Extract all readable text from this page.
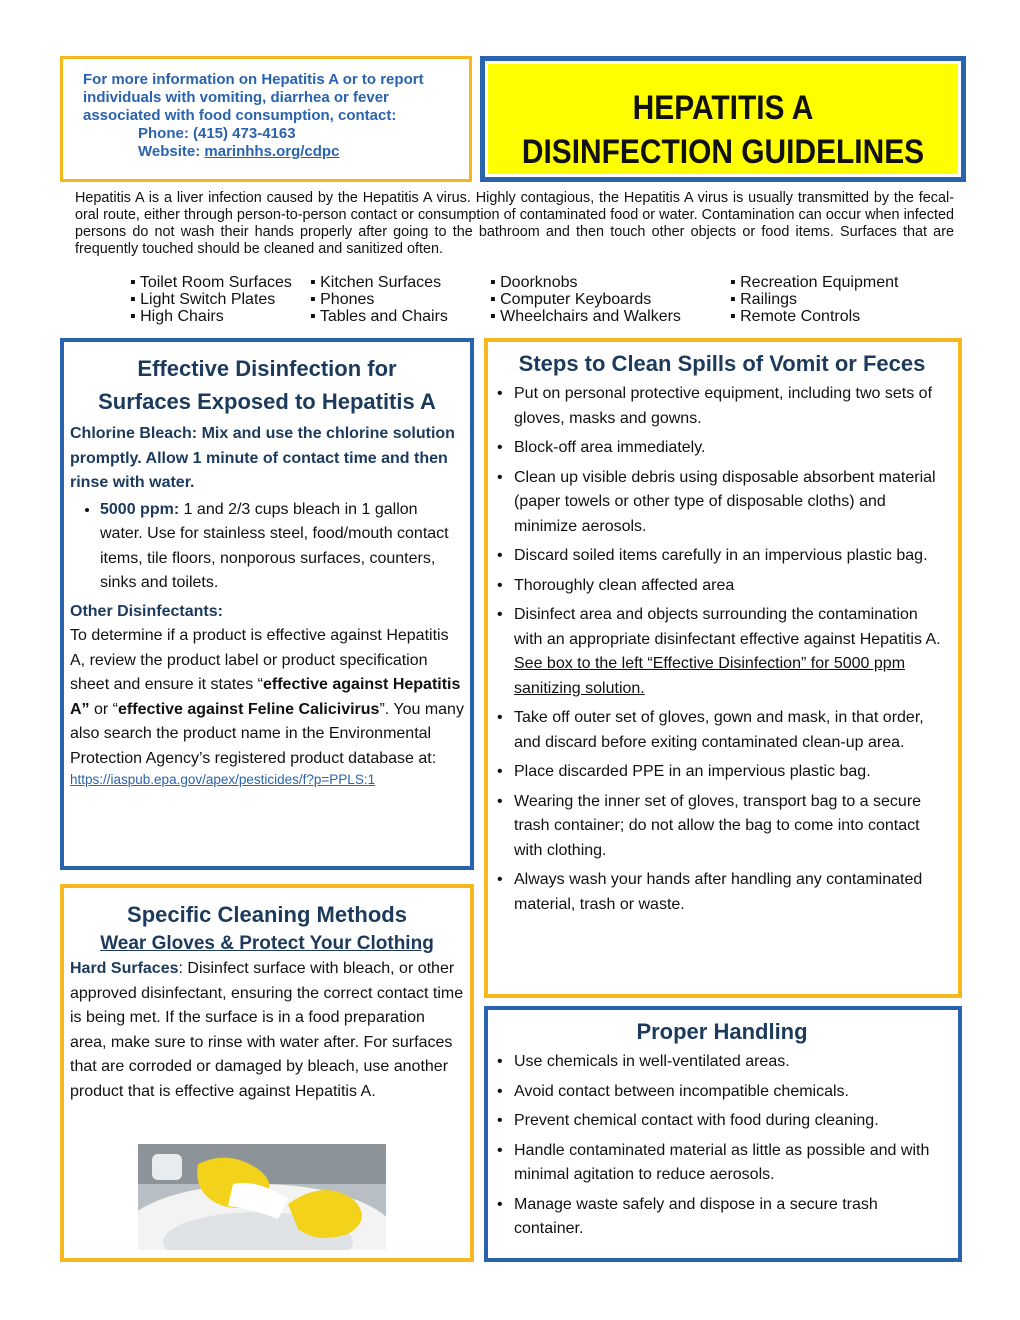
For more information on Hepatitis A or to report
individuals with vomiting, diarrhea or fever
associated with food consumption, contact:
Phone: (415) 473-4163
Website: marinhhs.org/cdpc
HEPATITIS A
DISINFECTION GUIDELINES

Hepatitis A is a liver infection caused by the Hepatitis A virus. Highly contagious, the Hepatitis A virus is usually transmitted by the fecal-oral route, either through person-to-person contact or consumption of contaminated food or water. Contamination can occur when infected persons do not wash their hands properly after going to the bathroom and then touch other objects or food items. Surfaces that are frequently touched should be cleaned and sanitized often.

▪ Toilet Room Surfaces	▪ Kitchen Surfaces	▪ Doorknobs	▪ Recreation Equipment
▪ Light Switch Plates	▪ Phones	▪ Computer Keyboards	▪ Railings
▪ High Chairs	▪ Tables and Chairs	▪ Wheelchairs and Walkers	▪ Remote Controls
Effective Disinfection for
Surfaces Exposed to Hepatitis A
Chlorine Bleach: Mix and use the chlorine solution promptly. Allow 1 minute of contact time and then rinse with water.
• 5000 ppm: 1 and 2/3 cups bleach in 1 gallon water. Use for stainless steel, food/mouth contact items, tile floors, nonporous surfaces, counters, sinks and toilets.
Other Disinfectants:
To determine if a product is effective against Hepatitis A, review the product label or product specification sheet and ensure it states “effective against Hepatitis A” or “effective against Feline Calicivirus”. You many also search the product name in the Environmental Protection Agency’s registered product database at:
https://iaspub.epa.gov/apex/pesticides/f?p=PPLS:1
Specific Cleaning Methods
Wear Gloves & Protect Your Clothing
Hard Surfaces: Disinfect surface with bleach, or other approved disinfectant, ensuring the correct contact time is being met. If the surface is in a food preparation area, make sure to rinse with water after. For surfaces that are corroded or damaged by bleach, use another product that is effective against Hepatitis A.
Steps to Clean Spills of Vomit or Feces
• Put on personal protective equipment, including two sets of gloves, masks and gowns.
• Block-off area immediately.
• Clean up visible debris using disposable absorbent material (paper towels or other type of disposable cloths) and minimize aerosols.
• Discard soiled items carefully in an impervious plastic bag.
• Thoroughly clean affected area
• Disinfect area and objects surrounding the contamination with an appropriate disinfectant effective against Hepatitis A. See box to the left “Effective Disinfection” for 5000 ppm sanitizing solution.
• Take off outer set of gloves, gown and mask, in that order, and discard before exiting contaminated clean-up area.
• Place discarded PPE in an impervious plastic bag.
• Wearing the inner set of gloves, transport bag to a secure trash container; do not allow the bag to come into contact with clothing.
• Always wash your hands after handling any contaminated material, trash or waste.
Proper Handling
• Use chemicals in well-ventilated areas.
• Avoid contact between incompatible chemicals.
• Prevent chemical contact with food during cleaning.
• Handle contaminated material as little as possible and with minimal agitation to reduce aerosols.
• Manage waste safely and dispose in a secure trash container.
